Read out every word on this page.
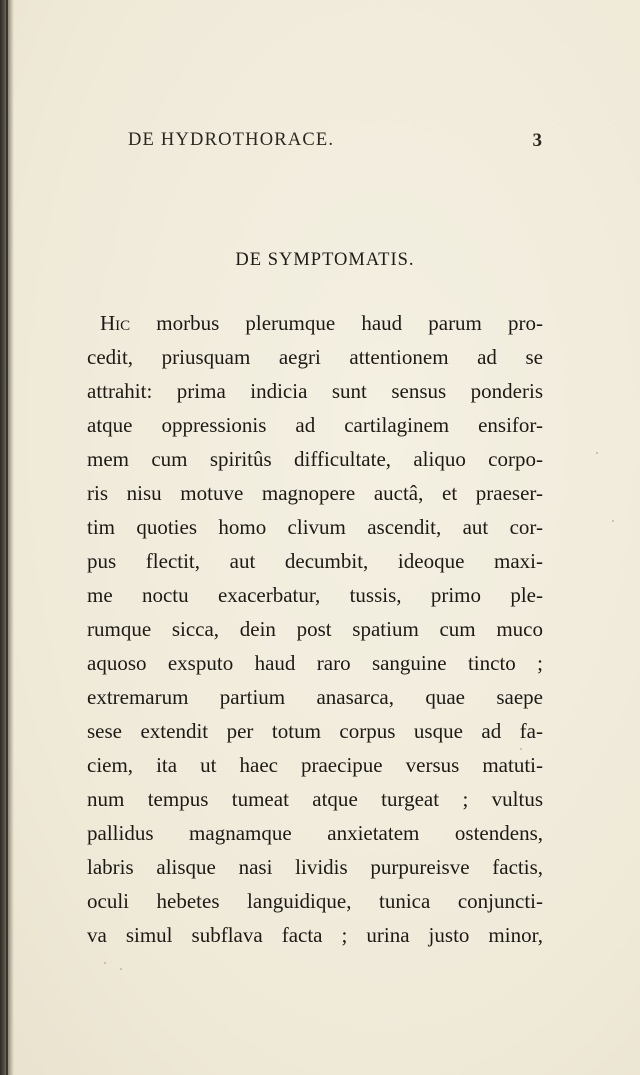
DE HYDROTHORACE.	3
DE SYMPTOMATIS.
Hic morbus plerumque haud parum pro-
cedit, priusquam aegri attentionem ad se
attrahit: prima indicia sunt sensus ponderis
atque oppressionis ad cartilaginem ensifor-
mem cum spiritûs difficultate, aliquo corpo-
ris nisu motuve magnopere auctâ, et praeser-
tim quoties homo clivum ascendit, aut cor-
pus flectit, aut decumbit, ideoque maxi-
me noctu exacerbatur, tussis, primo ple-
rumque sicca, dein post spatium cum muco
aquoso exsputo haud raro sanguine tincto ;
extremarum partium anasarca, quae saepe
sese extendit per totum corpus usque ad fa-
ciem, ita ut haec praecipue versus matuti-
num tempus tumeat atque turgeat ; vultus
pallidus magnamque anxietatem ostendens,
labris alisque nasi lividis purpureisve factis,
oculi hebetes languidique, tunica conjuncti-
va simul subflava facta ; urina justo minor,
